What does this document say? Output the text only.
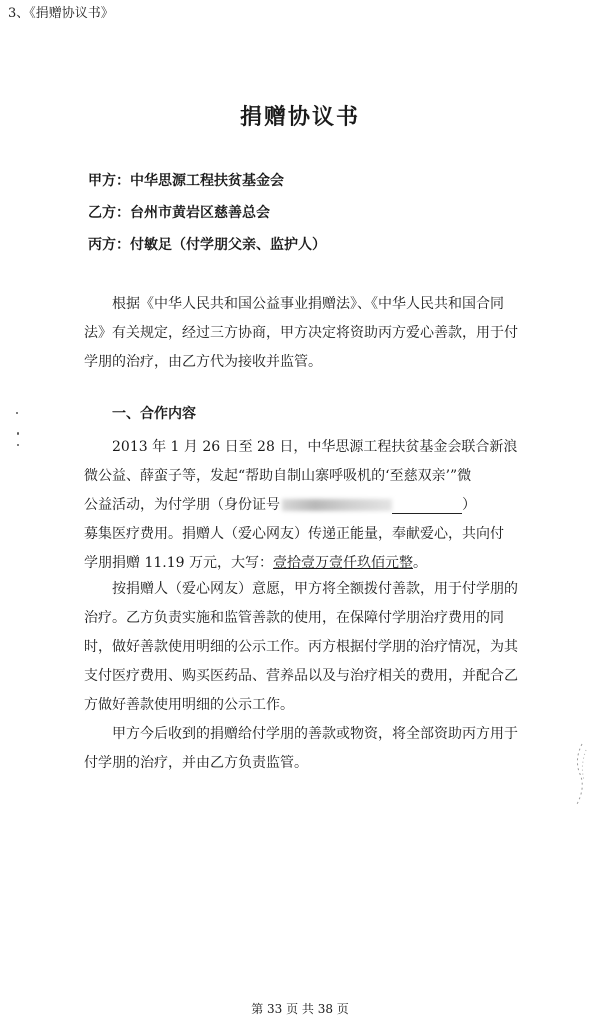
3、《捐赠协议书》
捐赠协议书
甲方：中华思源工程扶贫基金会
乙方：台州市黄岩区慈善总会
丙方：付敏足（付学朋父亲、监护人）

根据《中华人民共和国公益事业捐赠法》、《中华人民共和国合同法》有关规定，经过三方协商，甲方决定将资助丙方爱心善款，用于付学朋的治疗，由乙方代为接收并监管。

一、合作内容
2013 年 1 月 26 日至 28 日，中华思源工程扶贫基金会联合新浪
微公益、薛蛮子等，发起“帮助自制山寨呼吸机的‘至慈双亲’”微
公益活动，为付学朋（身份证号	）
募集医疗费用。捐赠人（爱心网友）传递正能量，奉献爱心，共向付
学朋捐赠 11.19 万元，大写：壹拾壹万壹仟玖佰元整。

按捐赠人（爱心网友）意愿，甲方将全额拨付善款，用于付学朋的治疗。乙方负责实施和监管善款的使用，在保障付学朋治疗费用的同时，做好善款使用明细的公示工作。丙方根据付学朋的治疗情况，为其支付医疗费用、购买医药品、营养品以及与治疗相关的费用，并配合乙方做好善款使用明细的公示工作。

甲方今后收到的捐赠给付学朋的善款或物资，将全部资助丙方用于付学朋的治疗，并由乙方负责监管。

第 33 页 共 38 页
